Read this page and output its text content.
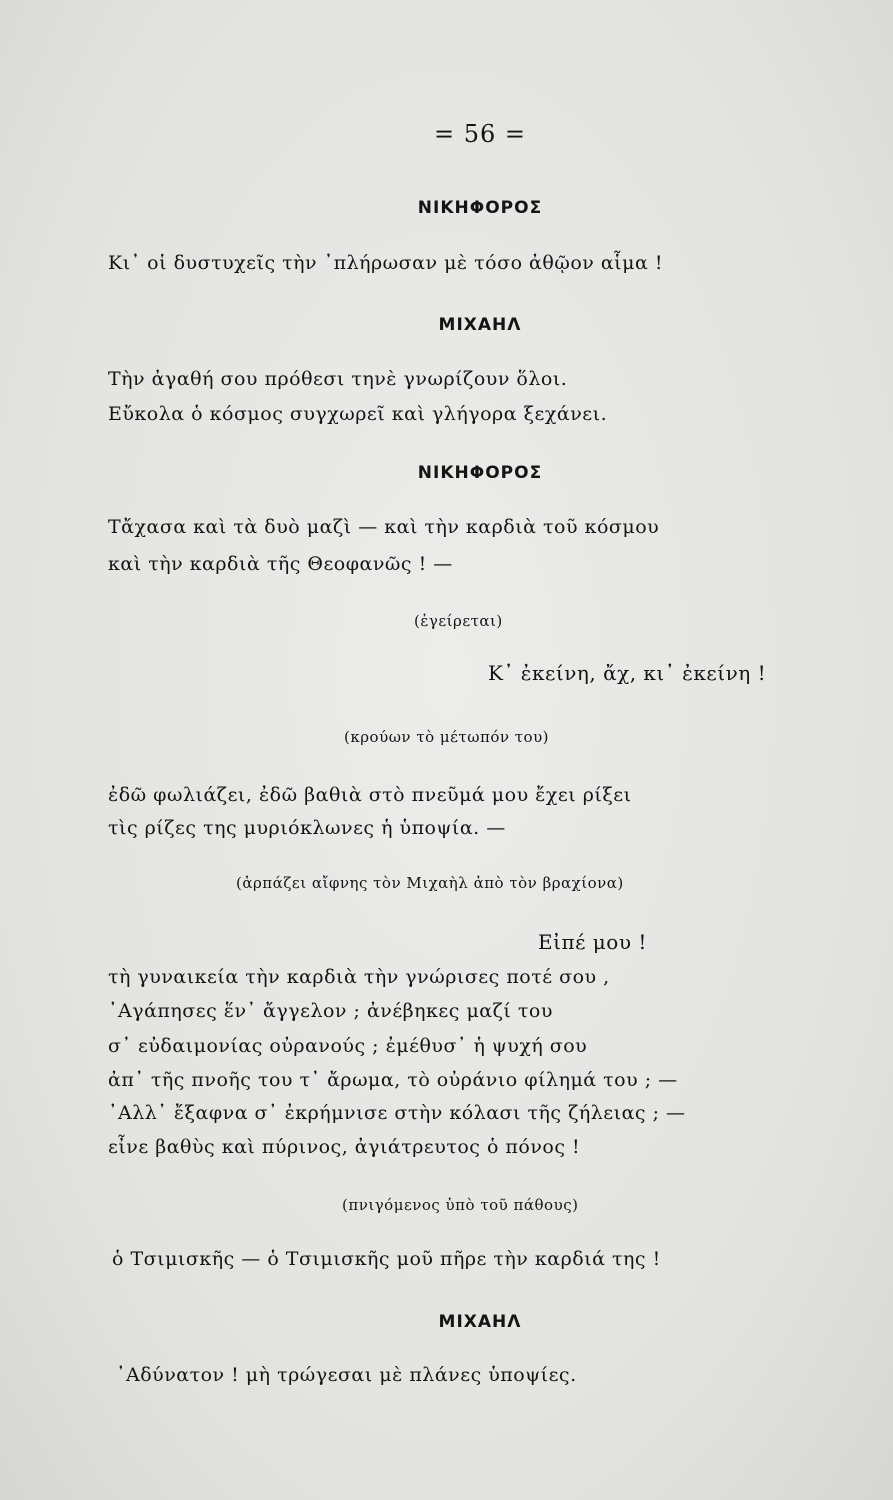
= 56 =
ΝΙΚΗΦΟΡΟΣ
Κι᾽ οἱ δυστυχεῖς τὴν ᾽πλήρωσαν μὲ τόσο ἀθῷον αἷμα !
ΜΙΧΑΗΛ
Τὴν ἀγαθή σου πρόθεσι τηνὲ γνωρίζουν ὅλοι.
Εὔκολα ὁ κόσμος συγχωρεῖ καὶ γλήγορα ξεχάνει.
ΝΙΚΗΦΟΡΟΣ
Τἄχασα καὶ τὰ δυὸ μαζὶ — καὶ τὴν καρδιὰ τοῦ κόσμου
καὶ τὴν καρδιὰ τῆς Θεοφανῶς ! —
(ἐγείρεται)
Κ᾽ ἐκείνη, ἄχ, κι᾽ ἐκείνη !
(κρούων τὸ μέτωπόν του)
ἐδῶ φωλιάζει, ἐδῶ βαθιὰ στὸ πνεῦμά μου ἔχει ρίξει
τὶς ρίζες της μυριόκλωνες ἡ ὑποψία. —
(ἁρπάζει αἴφνης τὸν Μιχαὴλ ἀπὸ τὸν βραχίονα)
Εἰπέ μου !
τὴ γυναικεία τὴν καρδιὰ τὴν γνώρισες ποτέ σου ,
᾽Αγάπησες ἕν᾽ ἄγγελον ; ἀνέβηκες μαζί του
σ᾽ εὐδαιμονίας οὐρανούς ; ἐμέθυσ᾽ ἡ ψυχή σου
ἀπ᾽ τῆς πνοῆς του τ᾽ ἄρωμα, τὸ οὐράνιο φίλημά του ; —
᾽Αλλ᾽ ἔξαφνα σ᾽ ἐκρήμνισε στὴν κόλασι τῆς ζήλειας ; —
εἶνε βαθὺς καὶ πύρινος, ἀγιάτρευτος ὁ πόνος !
(πνιγόμενος ὑπὸ τοῦ πάθους)
ὁ Τσιμισκῆς — ὁ Τσιμισκῆς μοῦ πῆρε τὴν καρδιά της !
ΜΙΧΑΗΛ
᾽Αδύνατον ! μὴ τρώγεσαι μὲ πλάνες ὑποψίες.
